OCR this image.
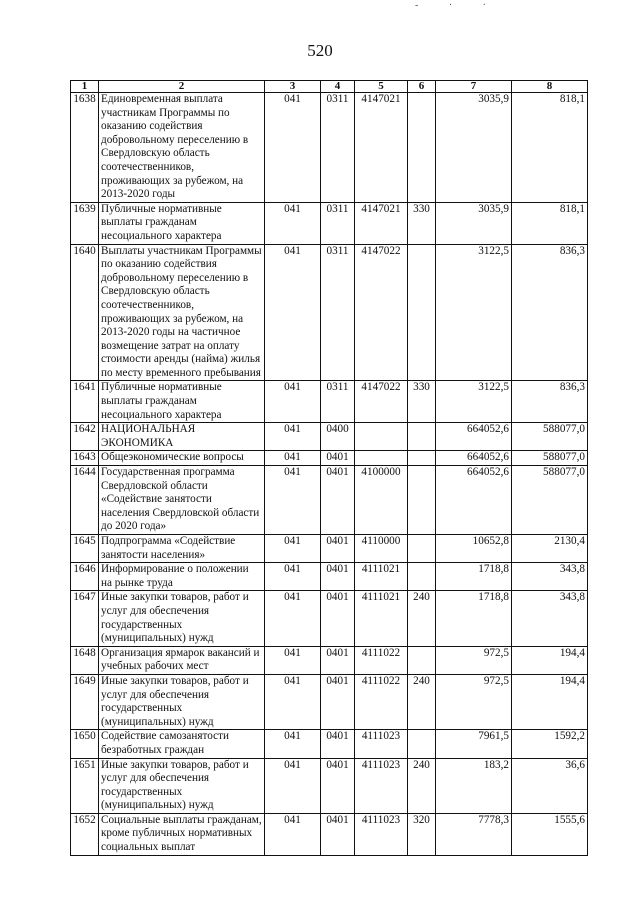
- · ·
520
1	2	3	4	5	6	7	8
1638	Единовременная выплата участникам Программы по оказанию содействия добровольному переселению в Свердловскую область соотечественников, проживающих за рубежом, на 2013-2020 годы	041	0311	4147021		3035,9	818,1
1639	Публичные нормативные выплаты гражданам несоциального характера	041	0311	4147021	330	3035,9	818,1
1640	Выплаты участникам Программы по оказанию содействия добровольному переселению в Свердловскую область соотечественников, проживающих за рубежом, на 2013-2020 годы на частичное возмещение затрат на оплату стоимости аренды (найма) жилья по месту временного пребывания	041	0311	4147022		3122,5	836,3
1641	Публичные нормативные выплаты гражданам несоциального характера	041	0311	4147022	330	3122,5	836,3
1642	НАЦИОНАЛЬНАЯ ЭКОНОМИКА	041	0400			664052,6	588077,0
1643	Общеэкономические вопросы	041	0401			664052,6	588077,0
1644	Государственная программа Свердловской области «Содействие занятости населения Свердловской области до 2020 года»	041	0401	4100000		664052,6	588077,0
1645	Подпрограмма «Содействие занятости населения»	041	0401	4110000		10652,8	2130,4
1646	Информирование о положении на рынке труда	041	0401	4111021		1718,8	343,8
1647	Иные закупки товаров, работ и услуг для обеспечения государственных (муниципальных) нужд	041	0401	4111021	240	1718,8	343,8
1648	Организация ярмарок вакансий и учебных рабочих мест	041	0401	4111022		972,5	194,4
1649	Иные закупки товаров, работ и услуг для обеспечения государственных (муниципальных) нужд	041	0401	4111022	240	972,5	194,4
1650	Содействие самозанятости безработных граждан	041	0401	4111023		7961,5	1592,2
1651	Иные закупки товаров, работ и услуг для обеспечения государственных (муниципальных) нужд	041	0401	4111023	240	183,2	36,6
1652	Социальные выплаты гражданам, кроме публичных нормативных социальных выплат	041	0401	4111023	320	7778,3	1555,6
